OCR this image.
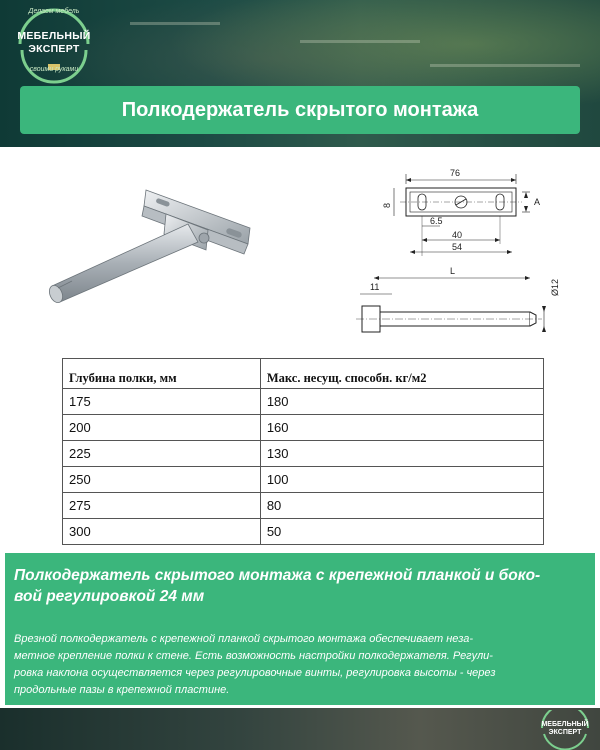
Делаем мебель
МЕБЕЛЬНЫЙ
ЭКСПЕРТ
своими руками
Полкодержатель скрытого монтажа
76
8	A
6.5
40
54
L
11	Ø12
Глубина полки, мм	Макс. несущ. способн. кг/м2
175	180
200	160
225	130
250	100
275	80
300	50
Полкодержатель скрытого монтажа с крепежной планкой и боко-
вой регулировкой 24 мм
Врезной полкодержатель с крепежной планкой скрытого монтажа обеспечивает неза-
метное крепление полки к стене. Есть возможность настройки полкодержателя. Регули-
ровка наклона осуществляется через регулировочные винты, регулировка высоты - через
продольные пазы в крепежной пластине.
МЕБЕЛЬНЫЙ
ЭКСПЕРТ
